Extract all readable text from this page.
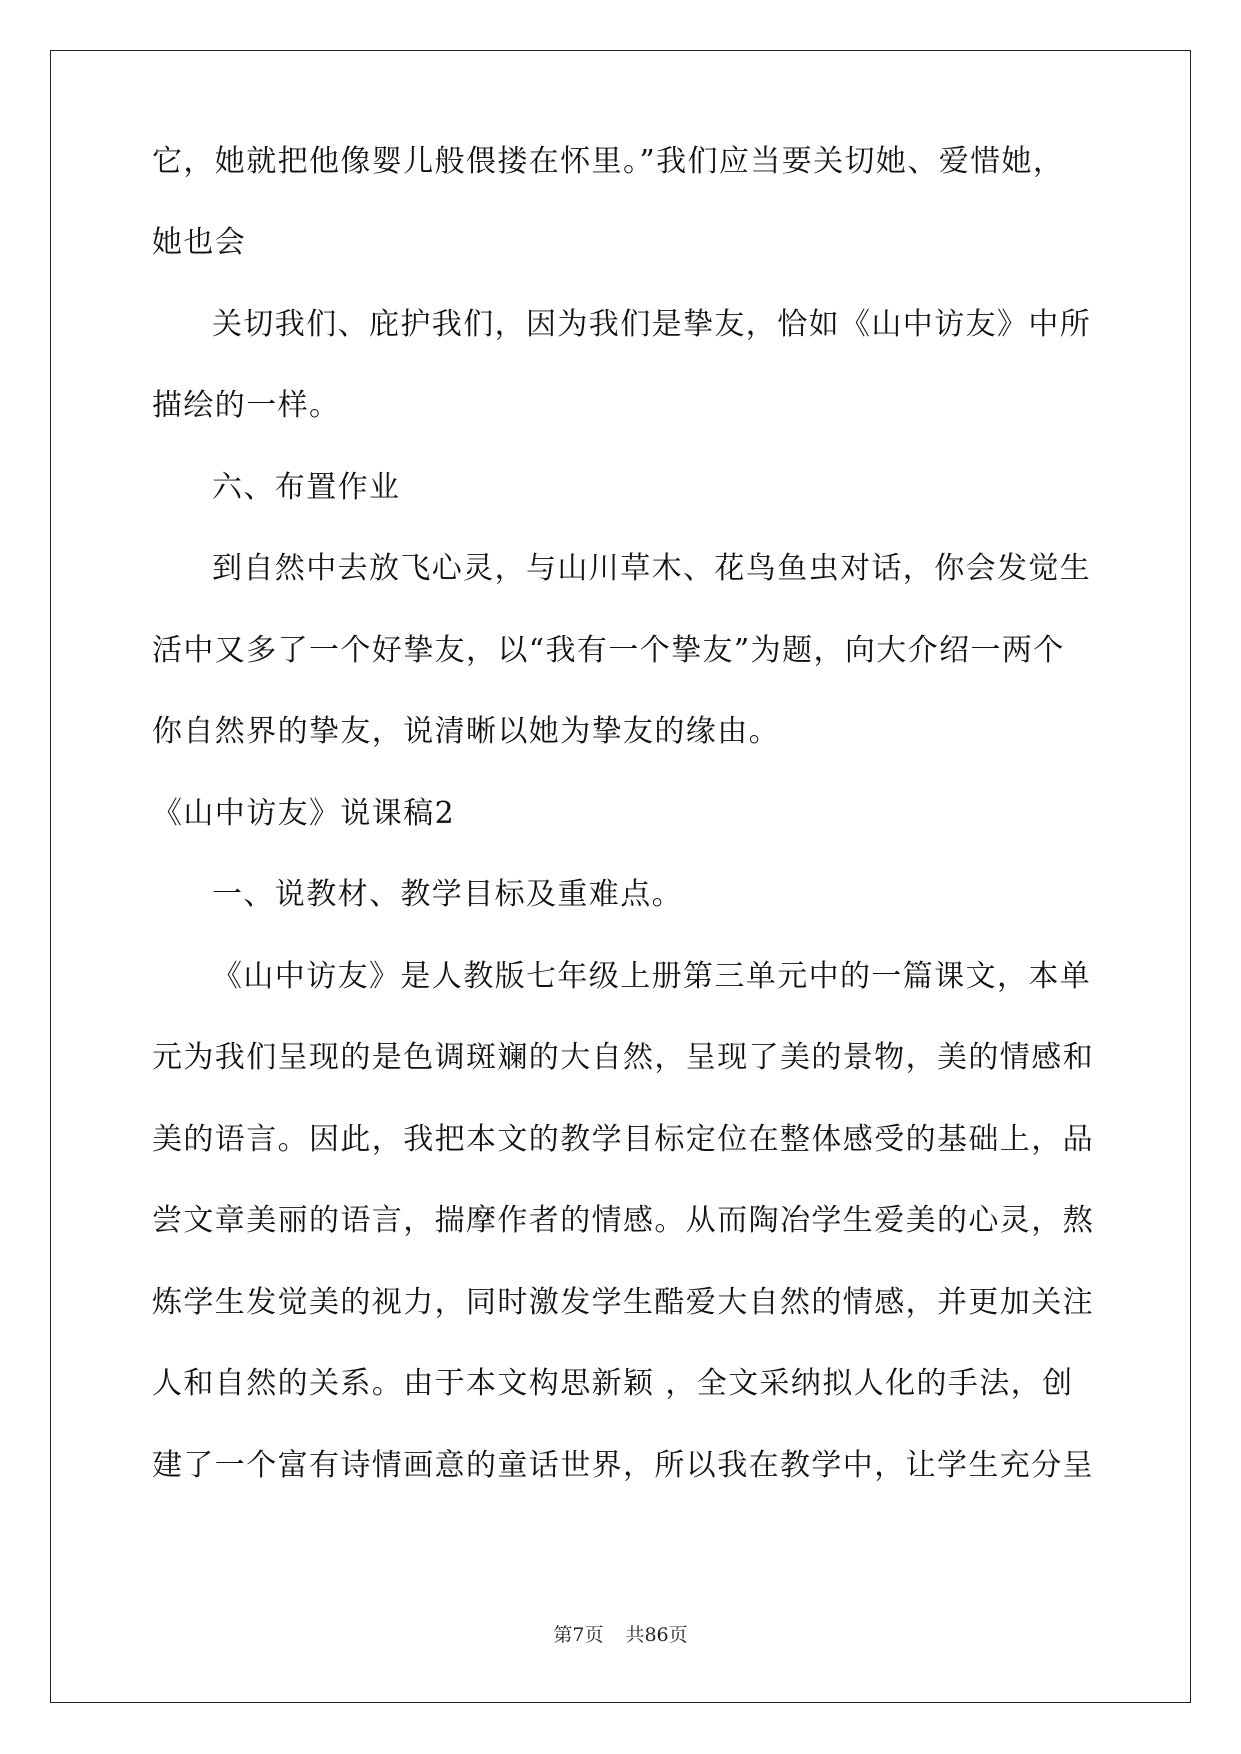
它，她就把他像婴儿般偎搂在怀里。”我们应当要关切她、爱惜她，
她也会
关切我们、庇护我们，因为我们是挚友，恰如《山中访友》中所
描绘的一样。
六、布置作业
到自然中去放飞心灵，与山川草木、花鸟鱼虫对话，你会发觉生
活中又多了一个好挚友，以“我有一个挚友”为题，向大介绍一两个
你自然界的挚友，说清晰以她为挚友的缘由。
《山中访友》说课稿2
一、说教材、教学目标及重难点。
《山中访友》是人教版七年级上册第三单元中的一篇课文，本单
元为我们呈现的是色调斑斓的大自然，呈现了美的景物，美的情感和
美的语言。因此，我把本文的教学目标定位在整体感受的基础上，品
尝文章美丽的语言，揣摩作者的情感。从而陶冶学生爱美的心灵，熬
炼学生发觉美的视力，同时激发学生酷爱大自然的情感，并更加关注
人和自然的关系。由于本文构思新颖 ，全文采纳拟人化的手法，创
建了一个富有诗情画意的童话世界，所以我在教学中，让学生充分呈
第7页 共86页
